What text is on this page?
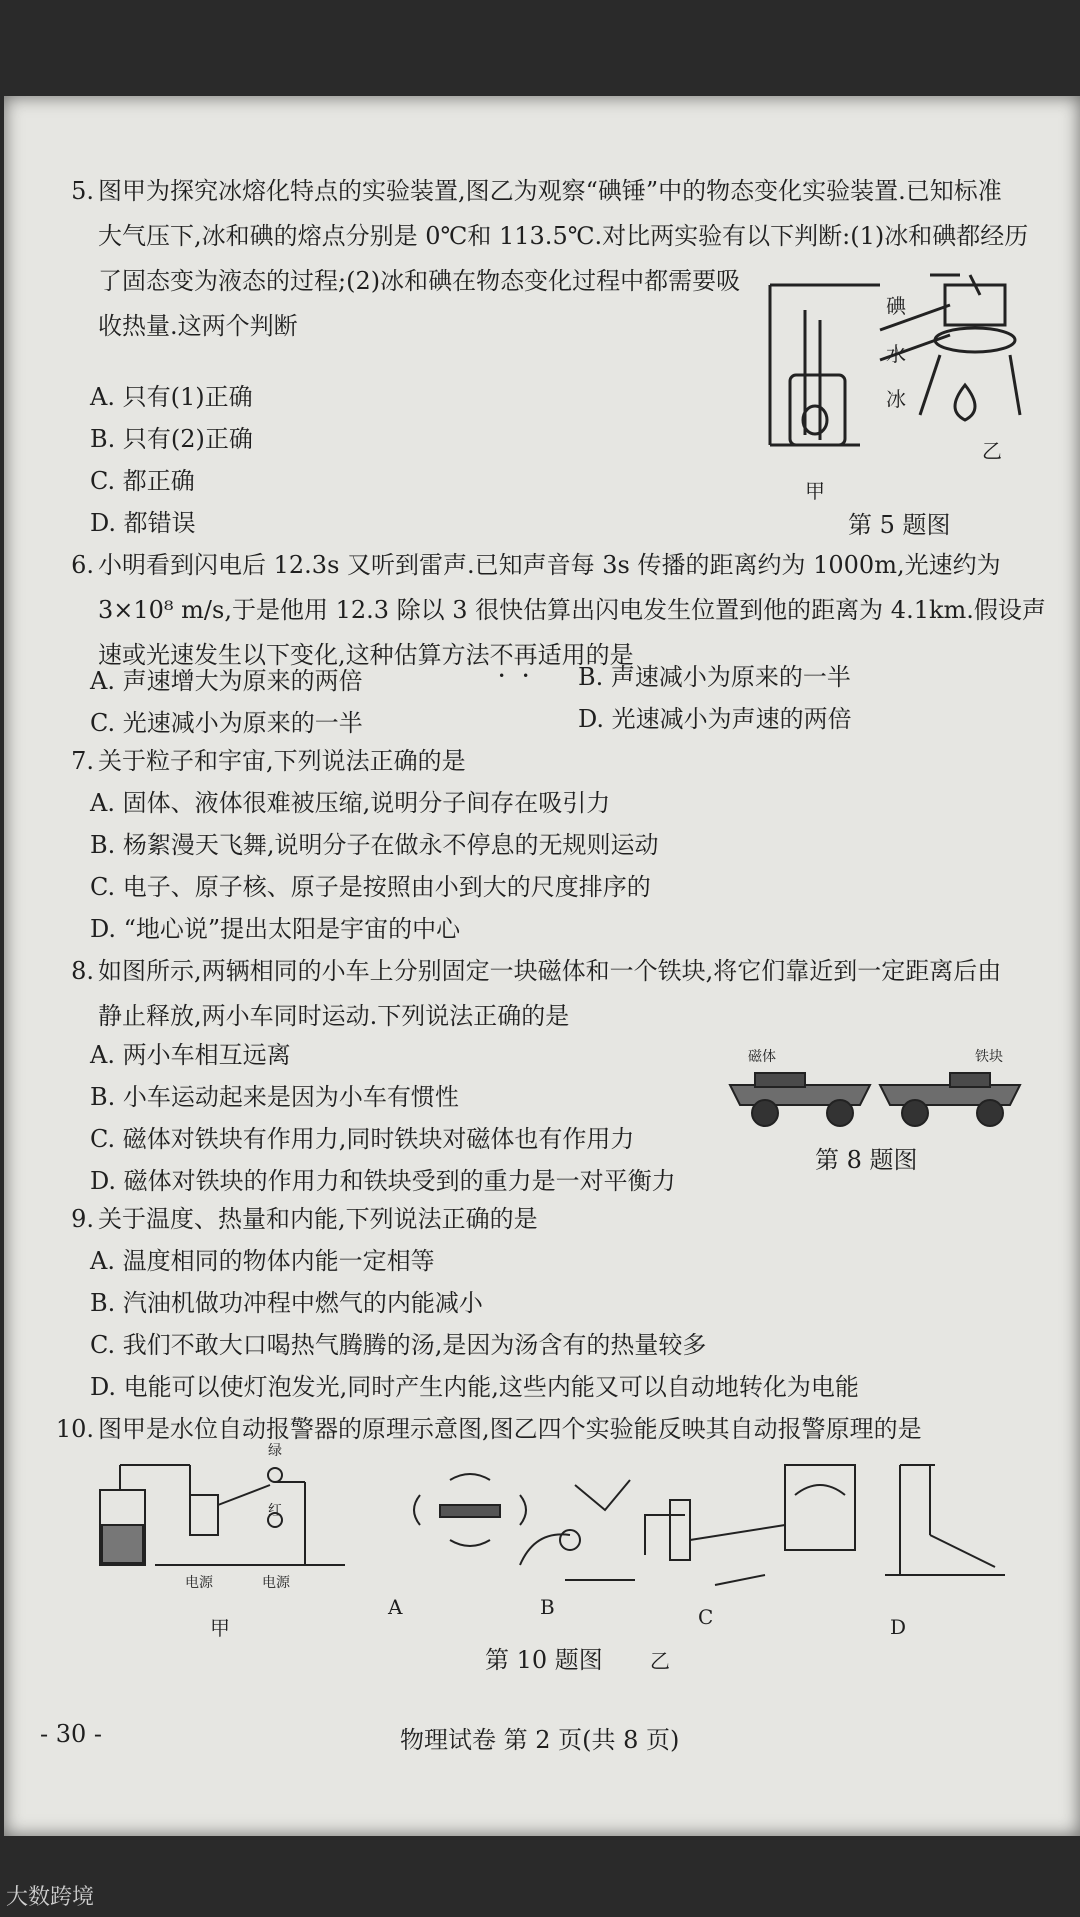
5. 图甲为探究冰熔化特点的实验装置,图乙为观察“碘锤”中的物态变化实验装置.已知标准
大气压下,冰和碘的熔点分别是 0℃和 113.5℃.对比两实验有以下判断:(1)冰和碘都经历
了固态变为液态的过程;(2)冰和碘在物态变化过程中都需要吸
收热量.这两个判断
A. 只有(1)正确
B. 只有(2)正确
C. 都正确
D. 都错误
碘
水
冰
甲
乙
第 5 题图
6. 小明看到闪电后 12.3s 又听到雷声.已知声音每 3s 传播的距离约为 1000m,光速约为
3×10⁸ m/s,于是他用 12.3 除以 3 很快估算出闪电发生位置到他的距离为 4.1km.假设声
速或光速发生以下变化,这种估算方法不再适用的是
A. 声速增大为原来的两倍	B. 声速减小为原来的一半
C. 光速减小为原来的一半	D. 光速减小为声速的两倍
7. 关于粒子和宇宙,下列说法正确的是
A. 固体、液体很难被压缩,说明分子间存在吸引力
B. 杨絮漫天飞舞,说明分子在做永不停息的无规则运动
C. 电子、原子核、原子是按照由小到大的尺度排序的
D. “地心说”提出太阳是宇宙的中心
8. 如图所示,两辆相同的小车上分别固定一块磁体和一个铁块,将它们靠近到一定距离后由
静止释放,两小车同时运动.下列说法正确的是
A. 两小车相互远离
B. 小车运动起来是因为小车有惯性
C. 磁体对铁块有作用力,同时铁块对磁体也有作用力
D. 磁体对铁块的作用力和铁块受到的重力是一对平衡力
磁体	铁块
第 8 题图
9. 关于温度、热量和内能,下列说法正确的是
A. 温度相同的物体内能一定相等
B. 汽油机做功冲程中燃气的内能减小
C. 我们不敢大口喝热气腾腾的汤,是因为汤含有的热量较多
D. 电能可以使灯泡发光,同时产生内能,这些内能又可以自动地转化为电能
10. 图甲是水位自动报警器的原理示意图,图乙四个实验能反映其自动报警原理的是
绿
红
电源	电源
甲
A	B	C	D
乙
第 10 题图
- 30 -	物理试卷 第 2 页(共 8 页)
大数跨境
